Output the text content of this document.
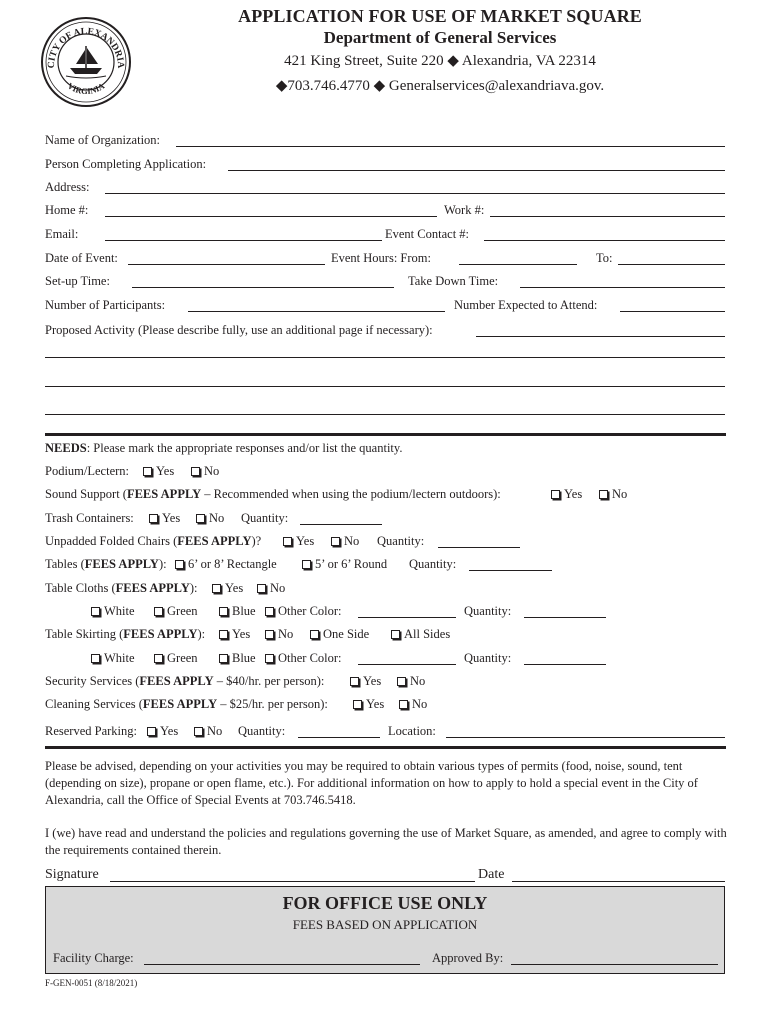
CITY OF ALEXANDRIA
VIRGINIA
APPLICATION FOR USE OF MARKET SQUARE
Department of General Services
421 King Street, Suite 220 ◆ Alexandria, VA 22314
◆703.746.4770 ◆ Generalservices@alexandriava.gov.
Name of Organization:
Person Completing Application:
Address:
Home #:	Work #:
Email:	Event Contact #:
Date of Event:	Event Hours: From:	To:
Set-up Time:	Take Down Time:
Number of Participants:	Number Expected to Attend:
Proposed Activity (Please describe fully, use an additional page if necessary):
NEEDS: Please mark the appropriate responses and/or list the quantity.
Podium/Lectern:	Yes	No
Sound Support (FEES APPLY – Recommended when using the podium/lectern outdoors):	Yes	No
Trash Containers:	Yes	No Quantity:
Unpadded Folded Chairs (FEES APPLY)?	Yes	No Quantity:
Tables (FEES APPLY):	6’ or 8’ Rectangle	5’ or 6’ Round Quantity:
Table Cloths (FEES APPLY):	Yes	No
White	Green	Blue	Other Color:	Quantity:
Table Skirting (FEES APPLY):	Yes	No	One Side	All Sides
White	Green	Blue	Other Color:	Quantity:
Security Services (FEES APPLY – $40/hr. per person):	Yes	No
Cleaning Services (FEES APPLY – $25/hr. per person):	Yes	No
Reserved Parking:	Yes	No Quantity:	Location:
Please be advised, depending on your activities you may be required to obtain various types of permits (food, noise, sound, tent (depending on size), propane or open flame, etc.). For additional information on how to apply to hold a special event in the City of Alexandria, call the Office of Special Events at 703.746.5418.
I (we) have read and understand the policies and regulations governing the use of Market Square, as amended, and agree to comply with the requirements contained therein.
Signature	Date
FOR OFFICE USE ONLY
FEES BASED ON APPLICATION
Facility Charge:	Approved By:
F-GEN-0051 (8/18/2021)
